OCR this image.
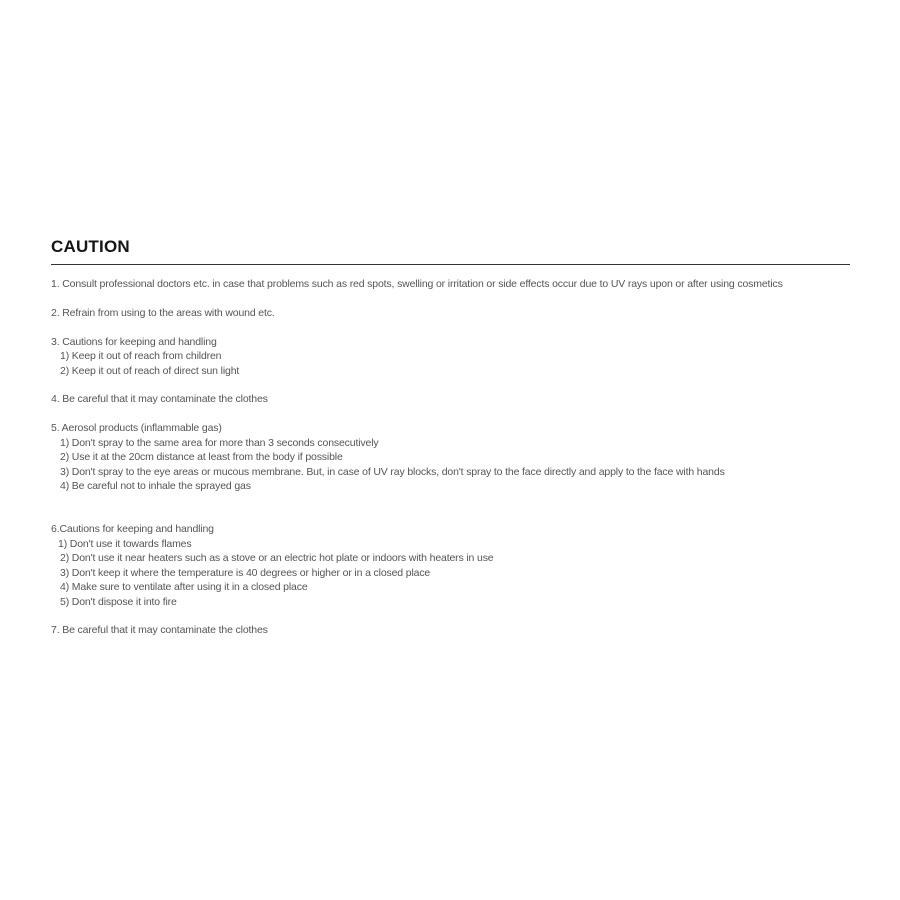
CAUTION
1. Consult professional doctors etc. in case that problems such as red spots, swelling or irritation or side effects occur due to UV rays upon or after using cosmetics
2. Refrain from using to the areas with wound etc.
3. Cautions for keeping and handling
1) Keep it out of reach from children
2) Keep it out of reach of direct sun light
4. Be careful that it may contaminate the clothes
5. Aerosol products (inflammable gas)
1) Don't spray to the same area for more than 3 seconds consecutively
2) Use it at the 20cm distance at least from the body if possible
3) Don't spray to the eye areas or mucous membrane. But, in case of UV ray blocks, don't spray to the face directly and apply to the face with hands
4) Be careful not to inhale the sprayed gas
6.Cautions for keeping and handling
1) Don't use it towards flames
2) Don't use it near heaters such as a stove or an electric hot plate or indoors with heaters in use
3) Don't keep it where the temperature is 40 degrees or higher or in a closed place
4) Make sure to ventilate after using it in a closed place
5) Don't dispose it into fire
7. Be careful that it may contaminate the clothes
